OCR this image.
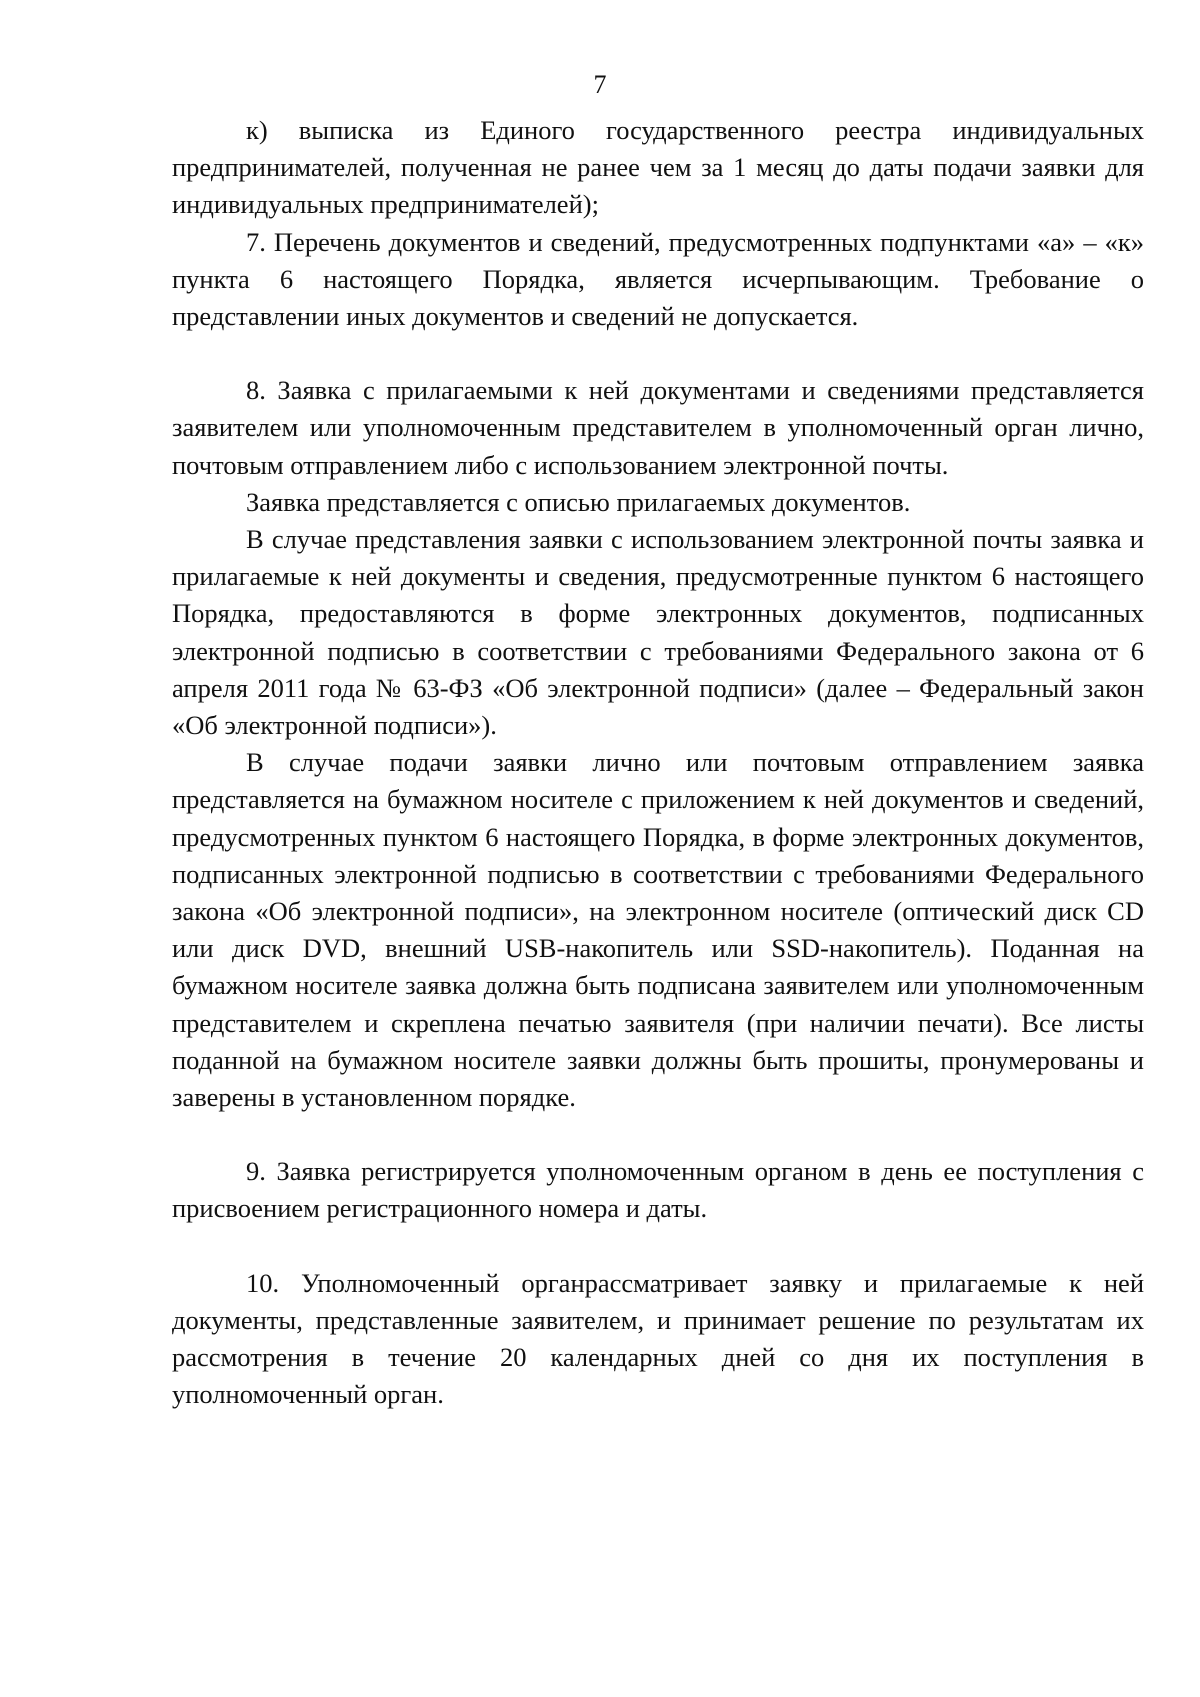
7

к) выписка из Единого государственного реестра индивидуальных предпринимателей, полученная не ранее чем за 1 месяц до даты подачи заявки для индивидуальных предпринимателей);

7. Перечень документов и сведений, предусмотренных подпунктами «а» – «к» пункта 6 настоящего Порядка, является исчерпывающим. Требование о представлении иных документов и сведений не допускается.

8. Заявка с прилагаемыми к ней документами и сведениями представляется заявителем или уполномоченным представителем в уполномоченный орган лично, почтовым отправлением либо с использованием электронной почты.

Заявка представляется с описью прилагаемых документов.

В случае представления заявки с использованием электронной почты заявка и прилагаемые к ней документы и сведения, предусмотренные пунктом 6 настоящего Порядка, предоставляются в форме электронных документов, подписанных электронной подписью в соответствии с требованиями Федерального закона от 6 апреля 2011 года № 63-ФЗ «Об электронной подписи» (далее – Федеральный закон «Об электронной подписи»).

В случае подачи заявки лично или почтовым отправлением заявка представляется на бумажном носителе с приложением к ней документов и сведений, предусмотренных пунктом 6 настоящего Порядка, в форме электронных документов, подписанных электронной подписью в соответствии с требованиями Федерального закона «Об электронной подписи», на электронном носителе (оптический диск CD или диск DVD, внешний USB-накопитель или SSD-накопитель). Поданная на бумажном носителе заявка должна быть подписана заявителем или уполномоченным представителем и скреплена печатью заявителя (при наличии печати). Все листы поданной на бумажном носителе заявки должны быть прошиты, пронумерованы и заверены в установленном порядке.

9. Заявка регистрируется уполномоченным органом в день ее поступления с присвоением регистрационного номера и даты.

10. Уполномоченный органрассматривает заявку и прилагаемые к ней документы, представленные заявителем, и принимает решение по результатам их рассмотрения в течение 20 календарных дней со дня их поступления в уполномоченный орган.
